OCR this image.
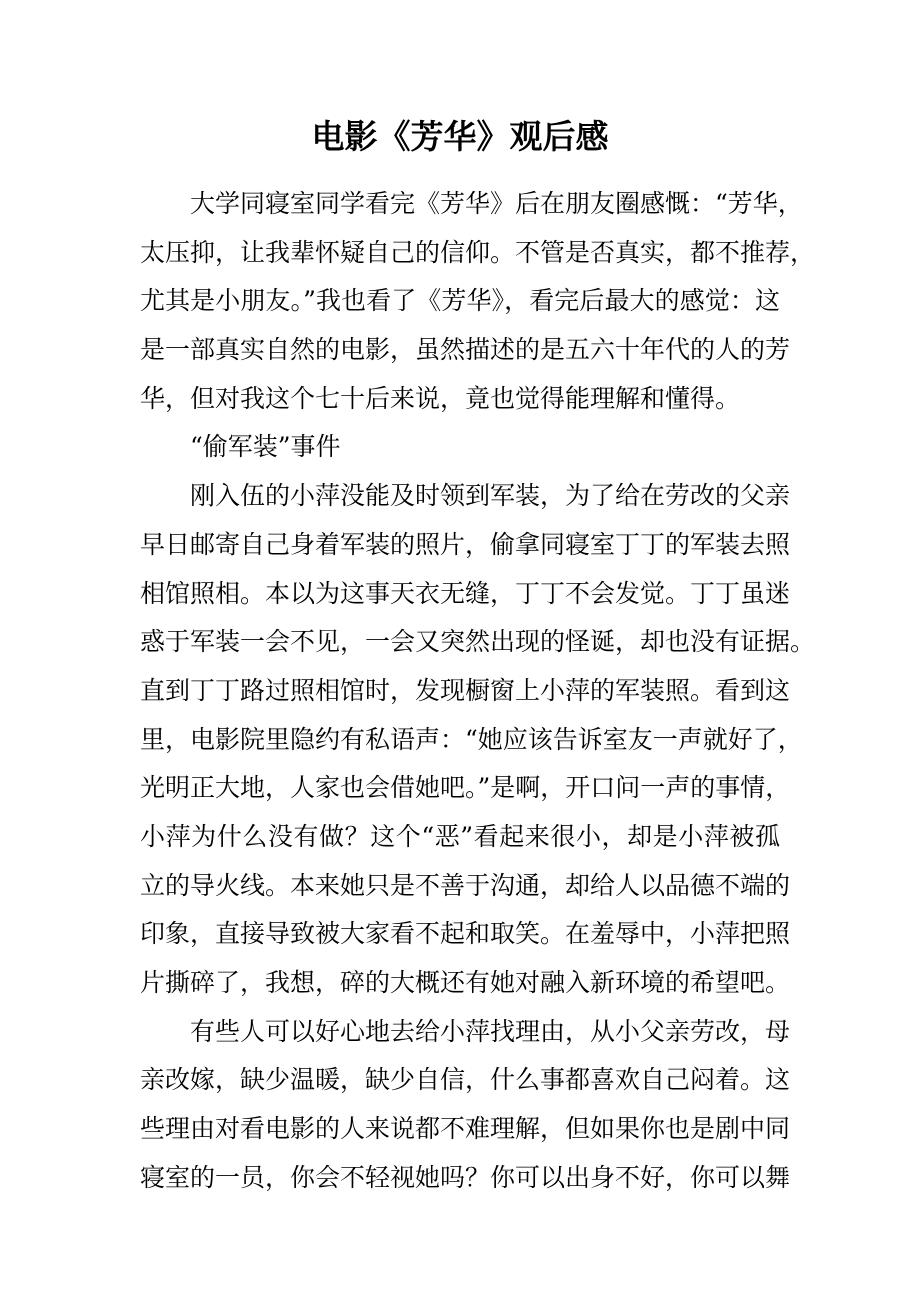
电影《芳华》观后感
大学同寝室同学看完《芳华》后在朋友圈感慨：“芳华，
太压抑，让我辈怀疑自己的信仰。不管是否真实，都不推荐，
尤其是小朋友。”我也看了《芳华》，看完后最大的感觉：这
是一部真实自然的电影，虽然描述的是五六十年代的人的芳
华，但对我这个七十后来说，竟也觉得能理解和懂得。
“偷军装”事件
刚入伍的小萍没能及时领到军装，为了给在劳改的父亲
早日邮寄自己身着军装的照片，偷拿同寝室丁丁的军装去照
相馆照相。本以为这事天衣无缝，丁丁不会发觉。丁丁虽迷
惑于军装一会不见，一会又突然出现的怪诞，却也没有证据。
直到丁丁路过照相馆时，发现橱窗上小萍的军装照。看到这
里，电影院里隐约有私语声：“她应该告诉室友一声就好了，
光明正大地，人家也会借她吧。”是啊，开口问一声的事情，
小萍为什么没有做？这个“恶”看起来很小，却是小萍被孤
立的导火线。本来她只是不善于沟通，却给人以品德不端的
印象，直接导致被大家看不起和取笑。在羞辱中，小萍把照
片撕碎了，我想，碎的大概还有她对融入新环境的希望吧。
有些人可以好心地去给小萍找理由，从小父亲劳改，母
亲改嫁，缺少温暖，缺少自信，什么事都喜欢自己闷着。这
些理由对看电影的人来说都不难理解，但如果你也是剧中同
寝室的一员，你会不轻视她吗？你可以出身不好，你可以舞
